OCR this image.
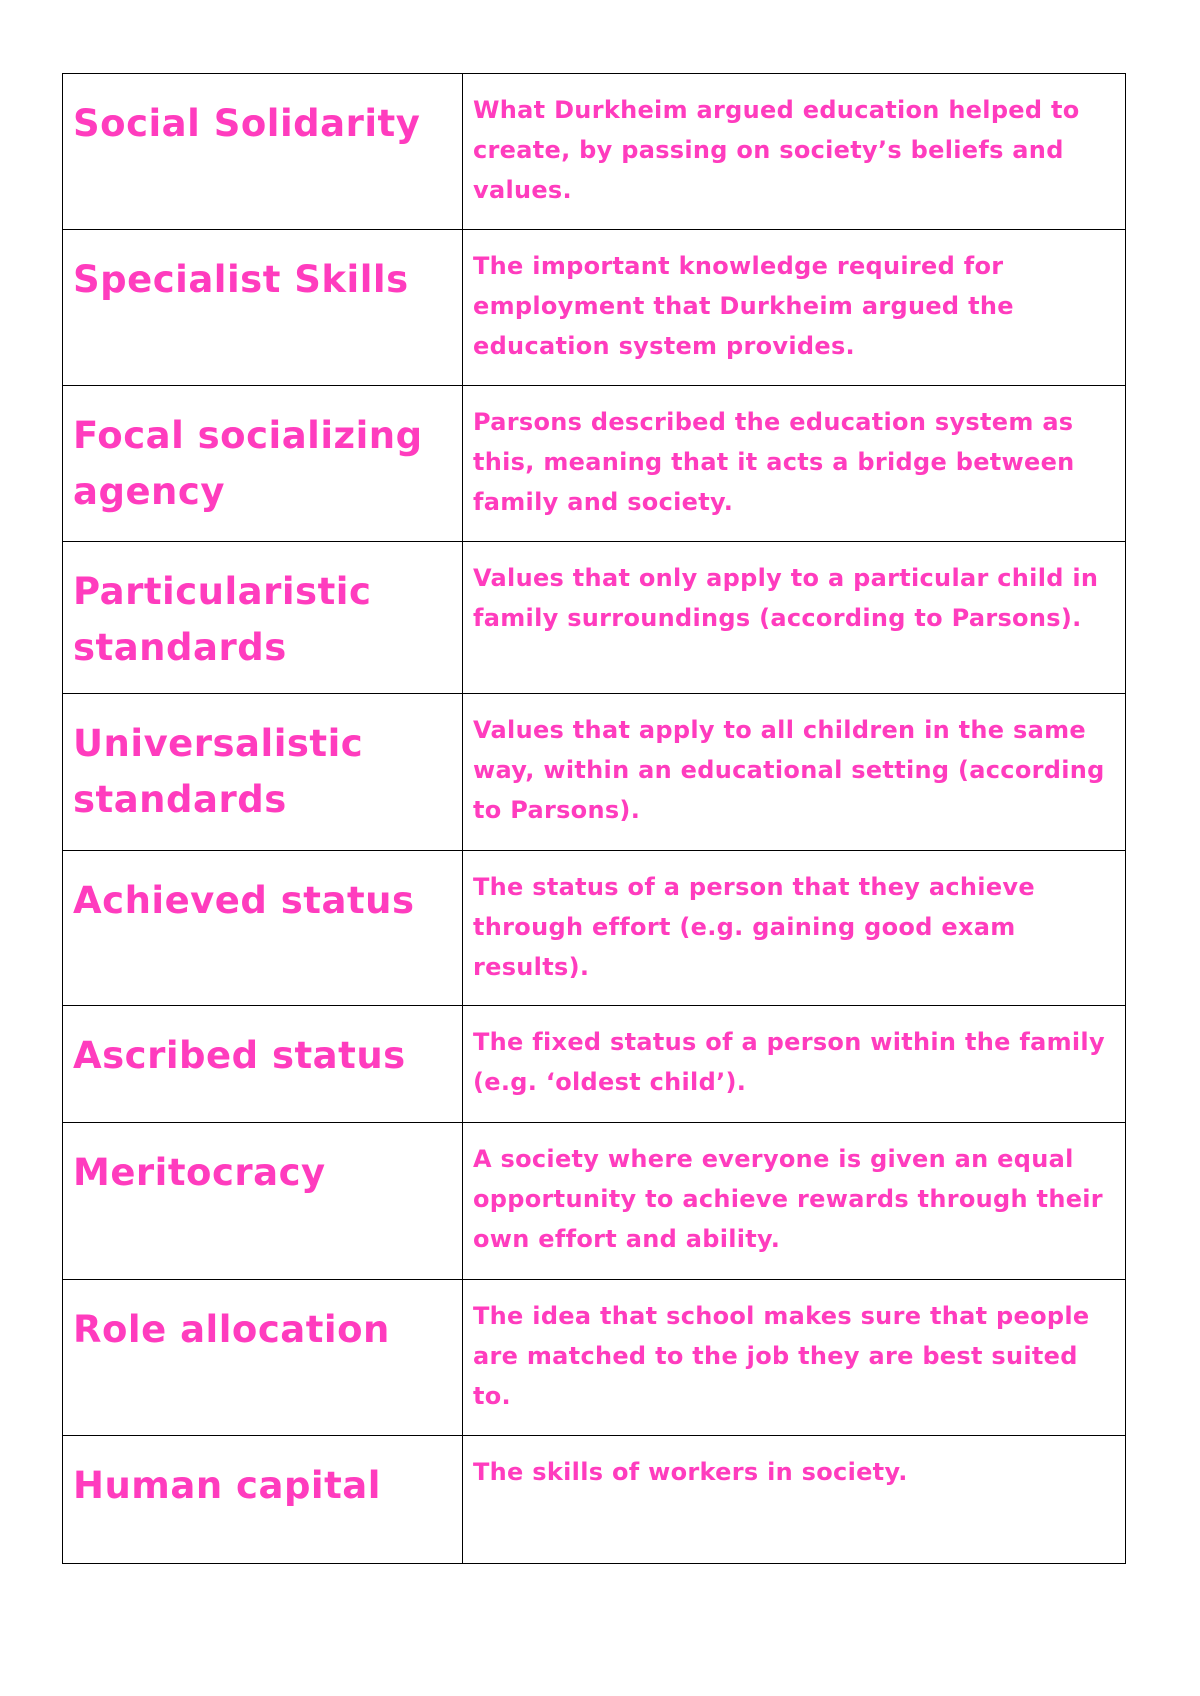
Social Solidarity	What Durkheim argued education helped to create, by passing on society’s beliefs and values.

Specialist Skills	The important knowledge required for employment that Durkheim argued the education system provides.

Focal socializing agency	Parsons described the education system as this, meaning that it acts a bridge between family and society.

Particularistic standards	Values that only apply to a particular child in family surroundings (according to Parsons).

Universalistic standards	Values that apply to all children in the same way, within an educational setting (according to Parsons).

Achieved status	The status of a person that they achieve through effort (e.g. gaining good exam results).

Ascribed status	The fixed status of a person within the family (e.g. ‘oldest child’).

Meritocracy	A society where everyone is given an equal opportunity to achieve rewards through their own effort and ability.

Role allocation	The idea that school makes sure that people are matched to the job they are best suited to.

Human capital	The skills of workers in society.
